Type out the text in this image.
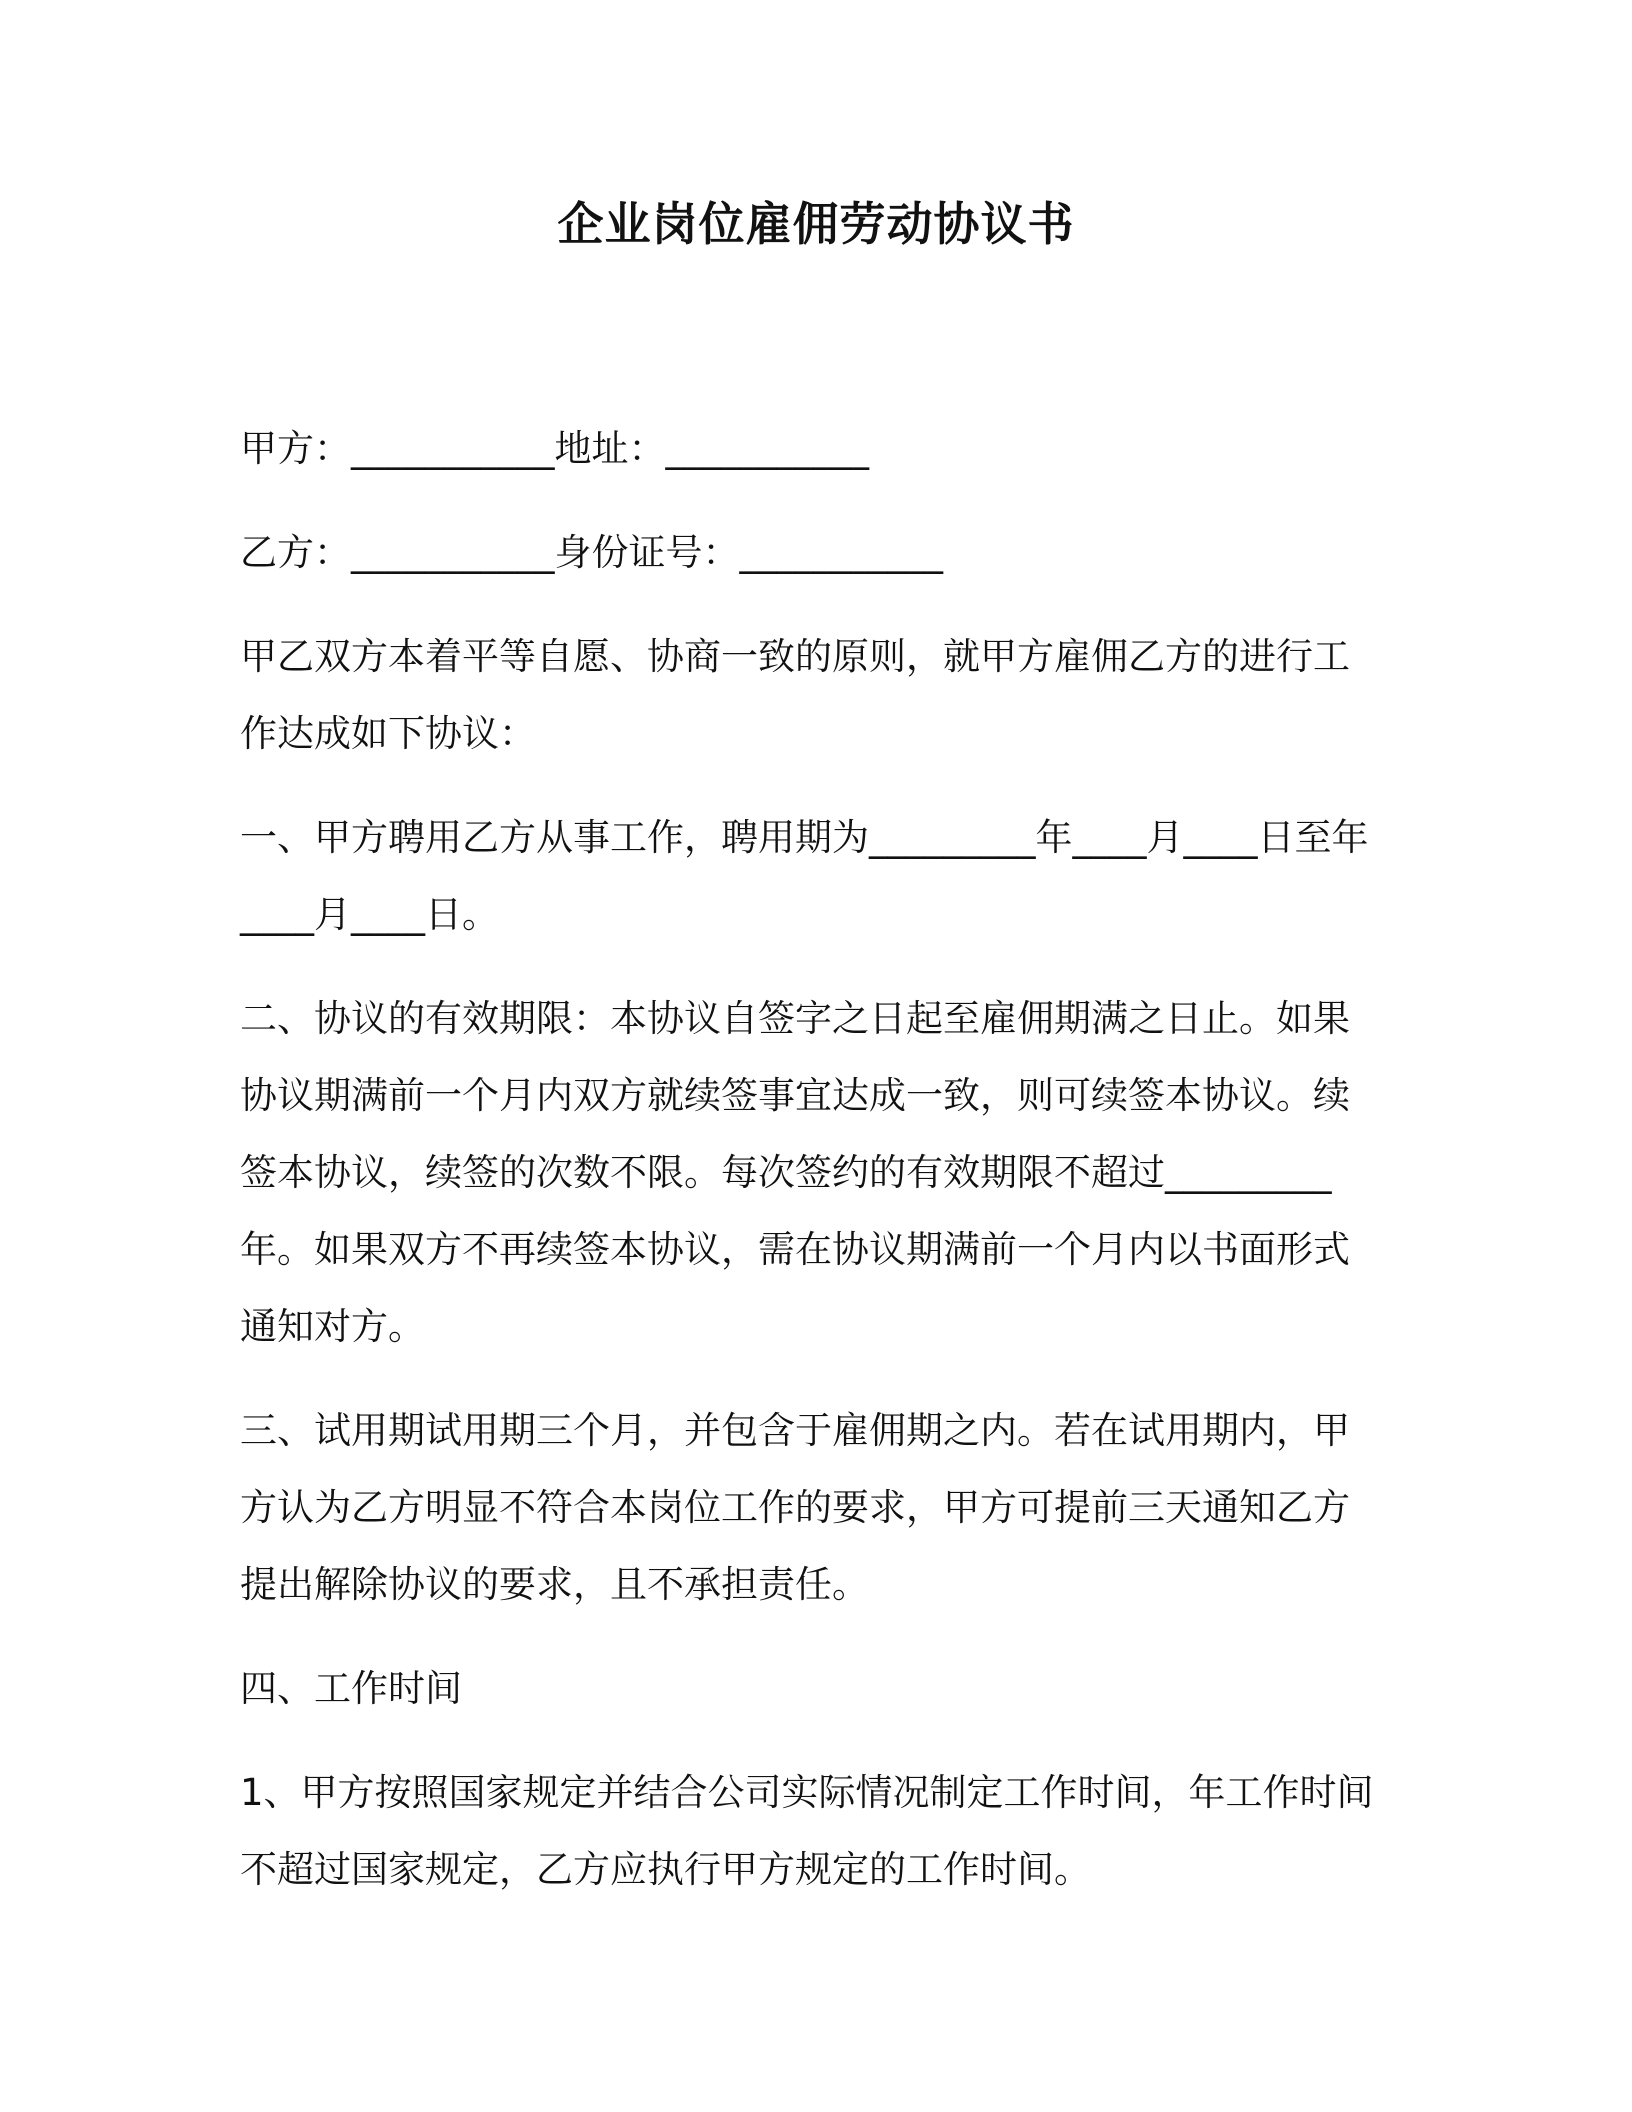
企业岗位雇佣劳动协议书

甲方：___________地址：___________

乙方：___________身份证号：___________

甲乙双方本着平等自愿、协商一致的原则，就甲方雇佣乙方的进行工作达成如下协议：

一、甲方聘用乙方从事工作，聘用期为_________年____月____日至年____月____日。

二、协议的有效期限：本协议自签字之日起至雇佣期满之日止。如果协议期满前一个月内双方就续签事宜达成一致，则可续签本协议。续签本协议，续签的次数不限。每次签约的有效期限不超过_________年。如果双方不再续签本协议，需在协议期满前一个月内以书面形式通知对方。

三、试用期试用期三个月，并包含于雇佣期之内。若在试用期内，甲方认为乙方明显不符合本岗位工作的要求，甲方可提前三天通知乙方提出解除协议的要求，且不承担责任。

四、工作时间

1、甲方按照国家规定并结合公司实际情况制定工作时间，年工作时间不超过国家规定，乙方应执行甲方规定的工作时间。
